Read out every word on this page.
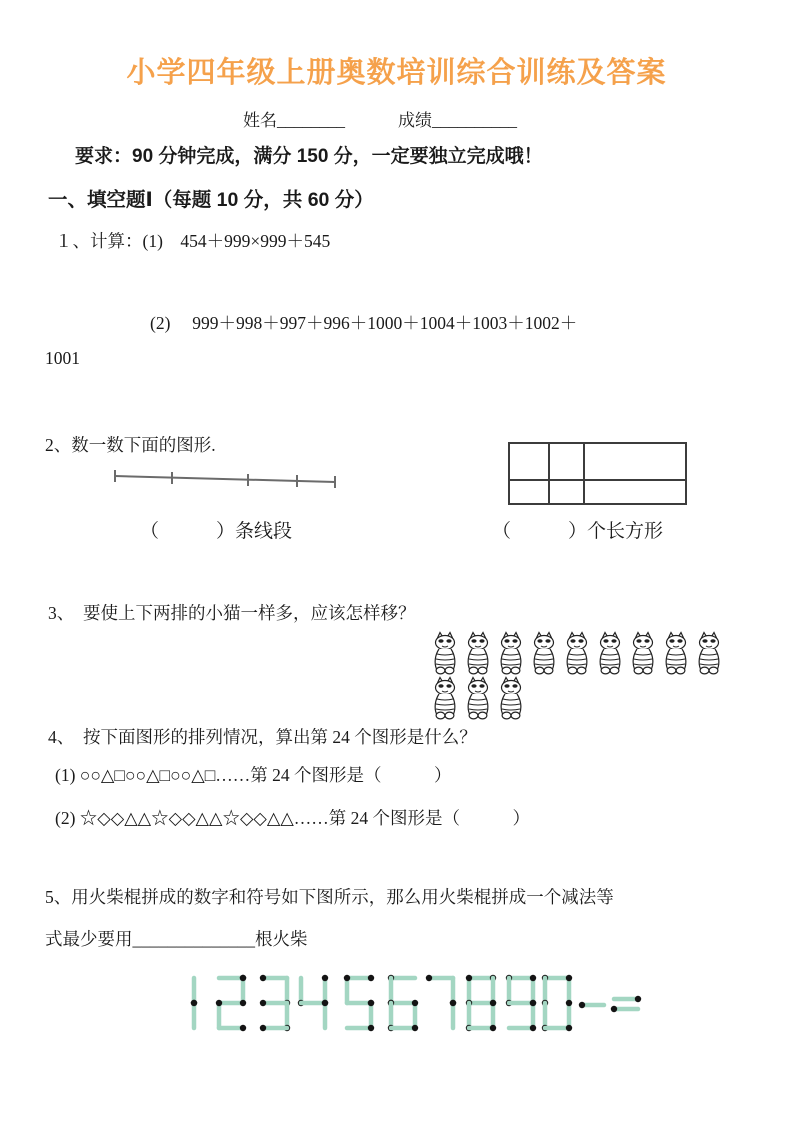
小学四年级上册奥数培训综合训练及答案
姓名________	成绩__________
要求：90 分钟完成，满分 150 分，一定要独立完成哦！
一、填空题Ⅰ（每题 10 分，共 60 分）
１、计算：(1)　454＋999×999＋545
(2)　 999＋998＋997＋996＋1000＋1004＋1003＋1002＋
1001
2、数一数下面的图形.
（　　　）条线段	（　　　）个长方形
3、　要使上下两排的小猫一样多，应该怎样移？
4、　按下面图形的排列情况，算出第 24 个图形是什么？
(1) ○○△□○○△□○○△□……第 24 个图形是（　　　）
(2) ☆◇◇△△☆◇◇△△☆◇◇△△……第 24 个图形是（　　　）
5、用火柴棍拼成的数字和符号如下图所示，那么用火柴棍拼成一个减法等
式最少要用______________根火柴
